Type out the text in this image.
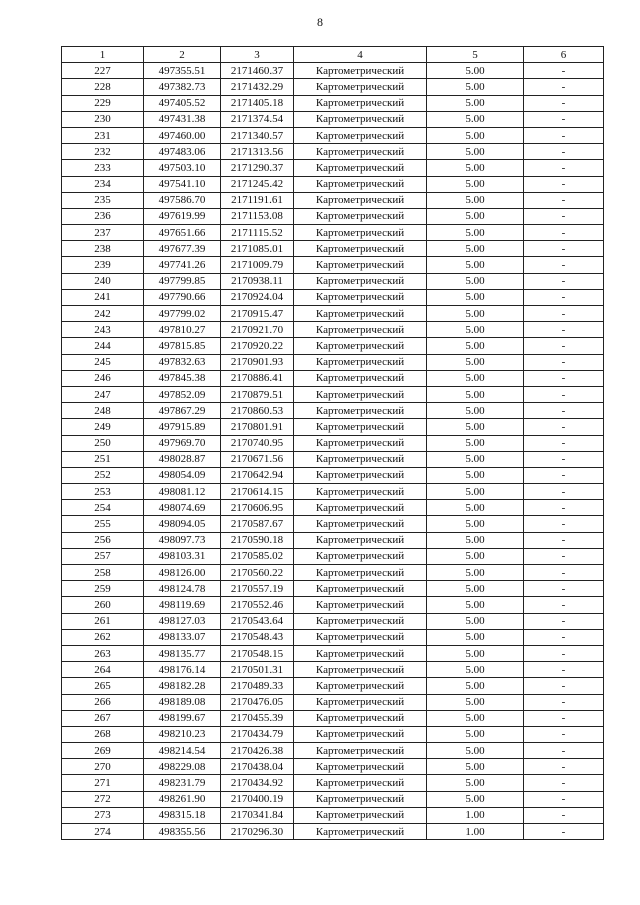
8
1	2	3	4	5	6
227	497355.51	2171460.37	Картометрический	5.00	-
228	497382.73	2171432.29	Картометрический	5.00	-
229	497405.52	2171405.18	Картометрический	5.00	-
230	497431.38	2171374.54	Картометрический	5.00	-
231	497460.00	2171340.57	Картометрический	5.00	-
232	497483.06	2171313.56	Картометрический	5.00	-
233	497503.10	2171290.37	Картометрический	5.00	-
234	497541.10	2171245.42	Картометрический	5.00	-
235	497586.70	2171191.61	Картометрический	5.00	-
236	497619.99	2171153.08	Картометрический	5.00	-
237	497651.66	2171115.52	Картометрический	5.00	-
238	497677.39	2171085.01	Картометрический	5.00	-
239	497741.26	2171009.79	Картометрический	5.00	-
240	497799.85	2170938.11	Картометрический	5.00	-
241	497790.66	2170924.04	Картометрический	5.00	-
242	497799.02	2170915.47	Картометрический	5.00	-
243	497810.27	2170921.70	Картометрический	5.00	-
244	497815.85	2170920.22	Картометрический	5.00	-
245	497832.63	2170901.93	Картометрический	5.00	-
246	497845.38	2170886.41	Картометрический	5.00	-
247	497852.09	2170879.51	Картометрический	5.00	-
248	497867.29	2170860.53	Картометрический	5.00	-
249	497915.89	2170801.91	Картометрический	5.00	-
250	497969.70	2170740.95	Картометрический	5.00	-
251	498028.87	2170671.56	Картометрический	5.00	-
252	498054.09	2170642.94	Картометрический	5.00	-
253	498081.12	2170614.15	Картометрический	5.00	-
254	498074.69	2170606.95	Картометрический	5.00	-
255	498094.05	2170587.67	Картометрический	5.00	-
256	498097.73	2170590.18	Картометрический	5.00	-
257	498103.31	2170585.02	Картометрический	5.00	-
258	498126.00	2170560.22	Картометрический	5.00	-
259	498124.78	2170557.19	Картометрический	5.00	-
260	498119.69	2170552.46	Картометрический	5.00	-
261	498127.03	2170543.64	Картометрический	5.00	-
262	498133.07	2170548.43	Картометрический	5.00	-
263	498135.77	2170548.15	Картометрический	5.00	-
264	498176.14	2170501.31	Картометрический	5.00	-
265	498182.28	2170489.33	Картометрический	5.00	-
266	498189.08	2170476.05	Картометрический	5.00	-
267	498199.67	2170455.39	Картометрический	5.00	-
268	498210.23	2170434.79	Картометрический	5.00	-
269	498214.54	2170426.38	Картометрический	5.00	-
270	498229.08	2170438.04	Картометрический	5.00	-
271	498231.79	2170434.92	Картометрический	5.00	-
272	498261.90	2170400.19	Картометрический	5.00	-
273	498315.18	2170341.84	Картометрический	1.00	-
274	498355.56	2170296.30	Картометрический	1.00	-
